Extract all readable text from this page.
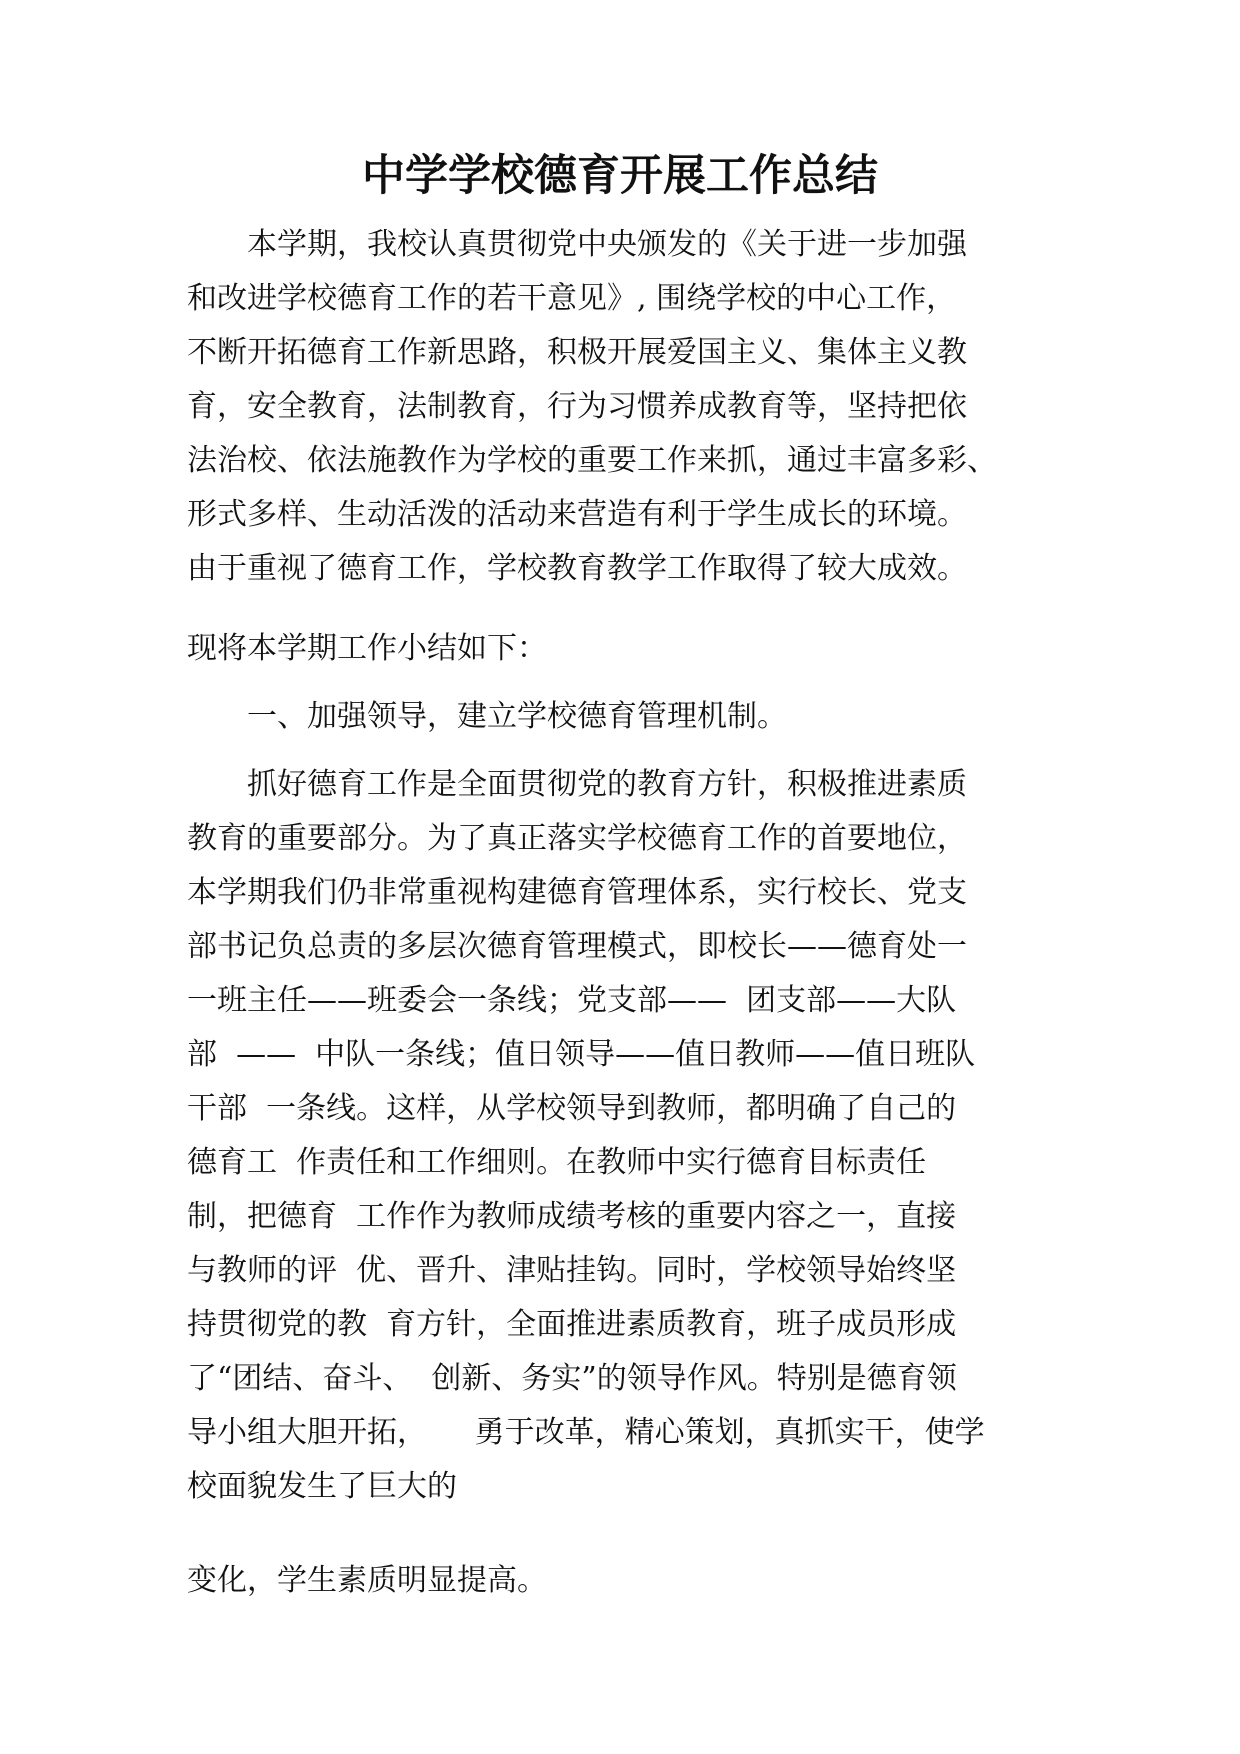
中学学校德育开展工作总结
　　本学期，我校认真贯彻党中央颁发的《关于进一步加强
和改进学校德育工作的若干意见》, 围绕学校的中心工作，
不断开拓德育工作新思路，积极开展爱国主义、集体主义教
育，安全教育，法制教育，行为习惯养成教育等，坚持把依
法治校、依法施教作为学校的重要工作来抓，通过丰富多彩、
形式多样、生动活泼的活动来营造有利于学生成长的环境。
由于重视了德育工作，学校教育教学工作取得了较大成效。
现将本学期工作小结如下：
　　一、加强领导，建立学校德育管理机制。
　　抓好德育工作是全面贯彻党的教育方针，积极推进素质
教育的重要部分。为了真正落实学校德育工作的首要地位，
本学期我们仍非常重视构建德育管理体系，实行校长、党支
部书记负总责的多层次德育管理模式，即校长——德育处一
一班主任——班委会一条线；党支部——  团支部——大队
部  ——  中队一条线；值日领导——值日教师——值日班队
干部  一条线。这样，从学校领导到教师，都明确了自己的
德育工  作责任和工作细则。在教师中实行德育目标责任
制，把德育  工作作为教师成绩考核的重要内容之一，直接
与教师的评  优、晋升、津贴挂钩。同时，学校领导始终坚
持贯彻党的教  育方针，全面推进素质教育，班子成员形成
了“团结、奋斗、  创新、务实”的领导作风。特别是德育领
导小组大胆开拓，     勇于改革，精心策划，真抓实干，使学
校面貌发生了巨大的
变化，学生素质明显提高。
